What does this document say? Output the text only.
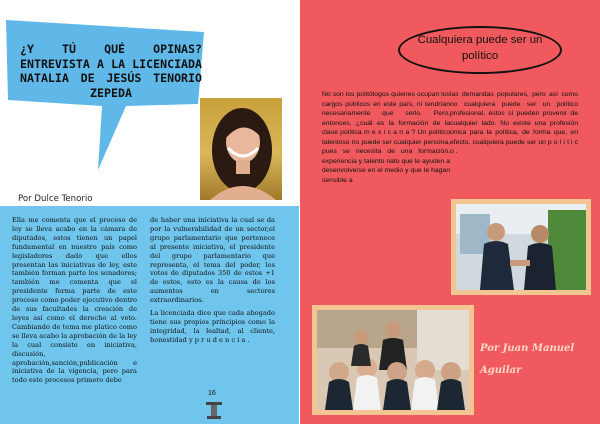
¿Y TÚ QUÉ OPINAS? ENTREVISTA A LA LICENCIADA NATALIA DE JESÚS TENORIO ZEPEDA
Por Dulce Tenorio

Ella me comenta que el proceso de ley se lleva acabo en la cámara de diputados, estos tienen un papel fundamental en nuestro país como legisladores dado que ellos presentan las iniciativas de ley, este también forman parte los senadores; también me comenta que el presidente forma parte de este proceso como poder ejecutivo dentro de sus facultades la creación de leyes así como el derecho al veto. Cambiando de tema me platico como se lleva acabo la aprobación de la ley la cual consiste en iniciativa, discusión, aprobación,sanción,publicación e iniciativa de la vigencia, pero para todo este procesos primero debe

de haber una iniciativa la cual se da por la vulnerabilidad de un sector,el grupo parlamentario que pertenece al presente iniciativa, el presidente del grupo parlamentario que representa, el tema del poder, los votos de diputados 350 de estos +1 de estos, esto es la causa de los aumentos en sectores extraordinarios.

La licenciada dice que cada abogado tiene sus propios principios como la integridad, la lealtad, al cliente, honestidad y p r u d e n c i a .

16
Cualquiera puede ser un político
No son los politólogos quienes ocupan los cargos públicos en este país, ni tendrían necesariamente que serlo. Pero, entonces, ¿cuál es la formación de la clase política m e x i c a n a ? Un político talentoso no puede ser cualquier persona, pues se necesita de una formación, experiencia y talento nato que le ayuden a desenvolverse en el medio y que le hagan sensible a
las demandas populares, pero así como no cualquiera puede ser un político profesional, éstos sí pueden provenir de cualquier lado. No existe una profesión única para la política, de forma que, en efecto, cualquiera puede ser un p o l í t i c o .
Por Juan Manuel Aguilar
